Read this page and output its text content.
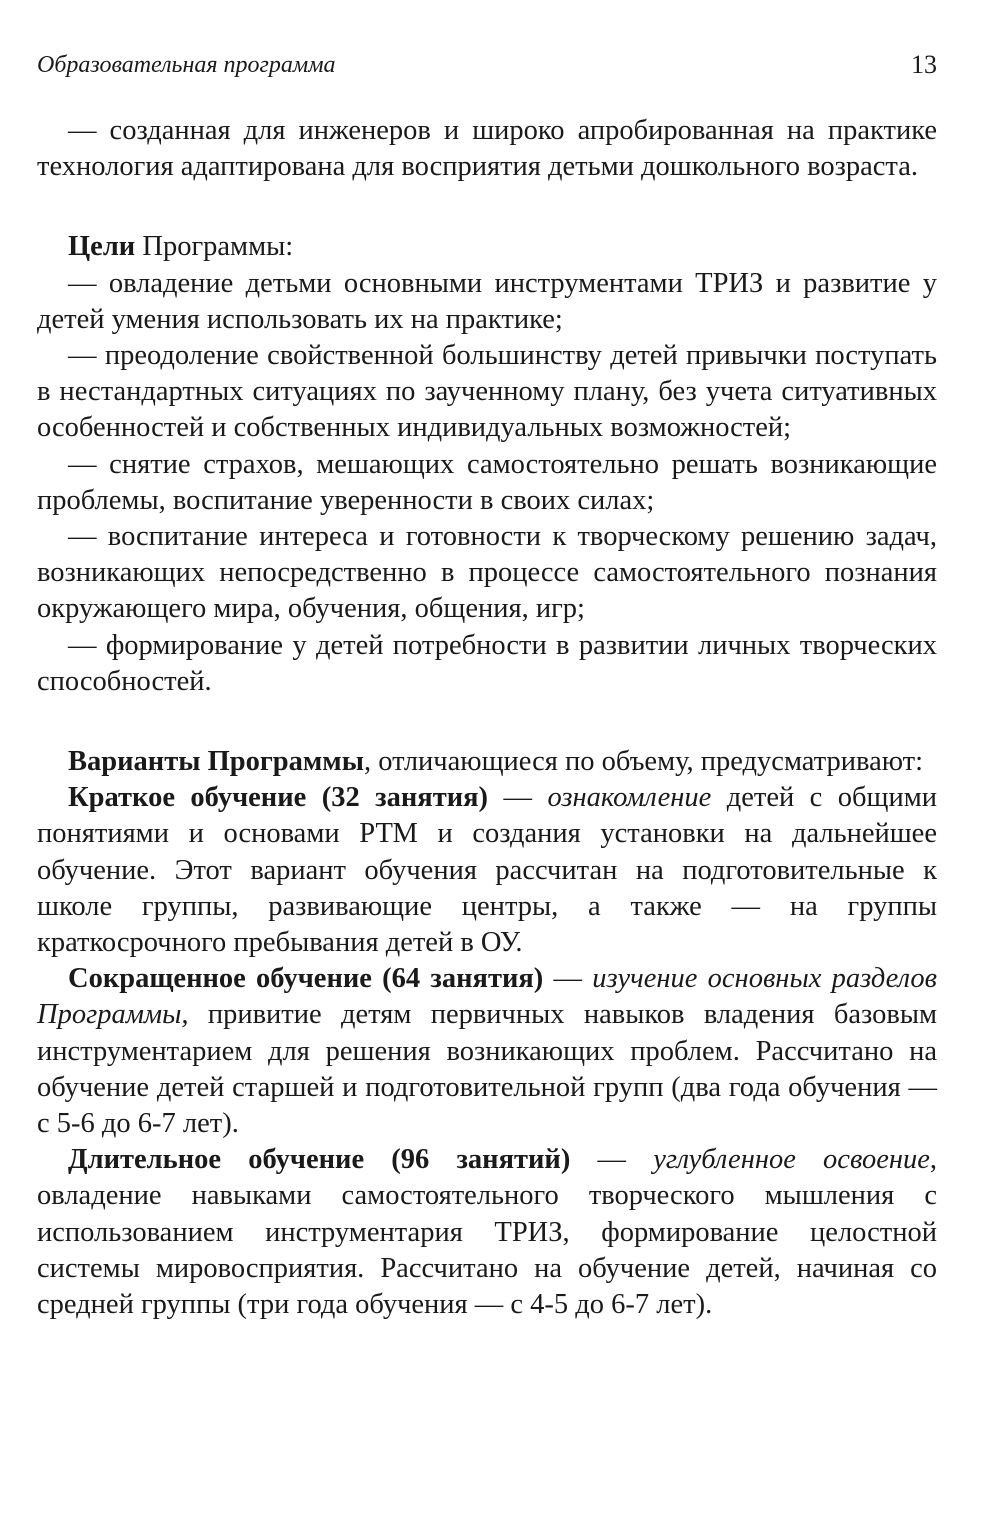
Образовательная программа	13

— созданная для инженеров и широко апробированная на практике технология адаптирована для восприятия детьми дошкольного возраста.

Цели Программы:

— овладение детьми основными инструментами ТРИЗ и развитие у детей умения использовать их на практике;

— преодоление свойственной большинству детей привычки поступать в нестандартных ситуациях по заученному плану, без учета ситуативных особенностей и собственных индивидуальных возможностей;

— снятие страхов, мешающих самостоятельно решать возникающие проблемы, воспитание уверенности в своих силах;

— воспитание интереса и готовности к творческому решению задач, возникающих непосредственно в процессе самостоятельного познания окружающего мира, обучения, общения, игр;

— формирование у детей потребности в развитии личных творческих способностей.

Варианты Программы, отличающиеся по объему, предусматривают:

Краткое обучение (32 занятия) — ознакомление детей с общими понятиями и основами РТМ и создания установки на дальнейшее обучение. Этот вариант обучения рассчитан на подготовительные к школе группы, развивающие центры, а также — на группы краткосрочного пребывания детей в ОУ.

Сокращенное обучение (64 занятия) — изучение основных разделов Программы, привитие детям первичных навыков владения базовым инструментарием для решения возникающих проблем. Рассчитано на обучение детей старшей и подготовительной групп (два года обучения — с 5-6 до 6-7 лет).

Длительное обучение (96 занятий) — углубленное освоение, овладение навыками самостоятельного творческого мышления с использованием инструментария ТРИЗ, формирование целостной системы мировосприятия. Рассчитано на обучение детей, начиная со средней группы (три года обучения — с 4-5 до 6-7 лет).
